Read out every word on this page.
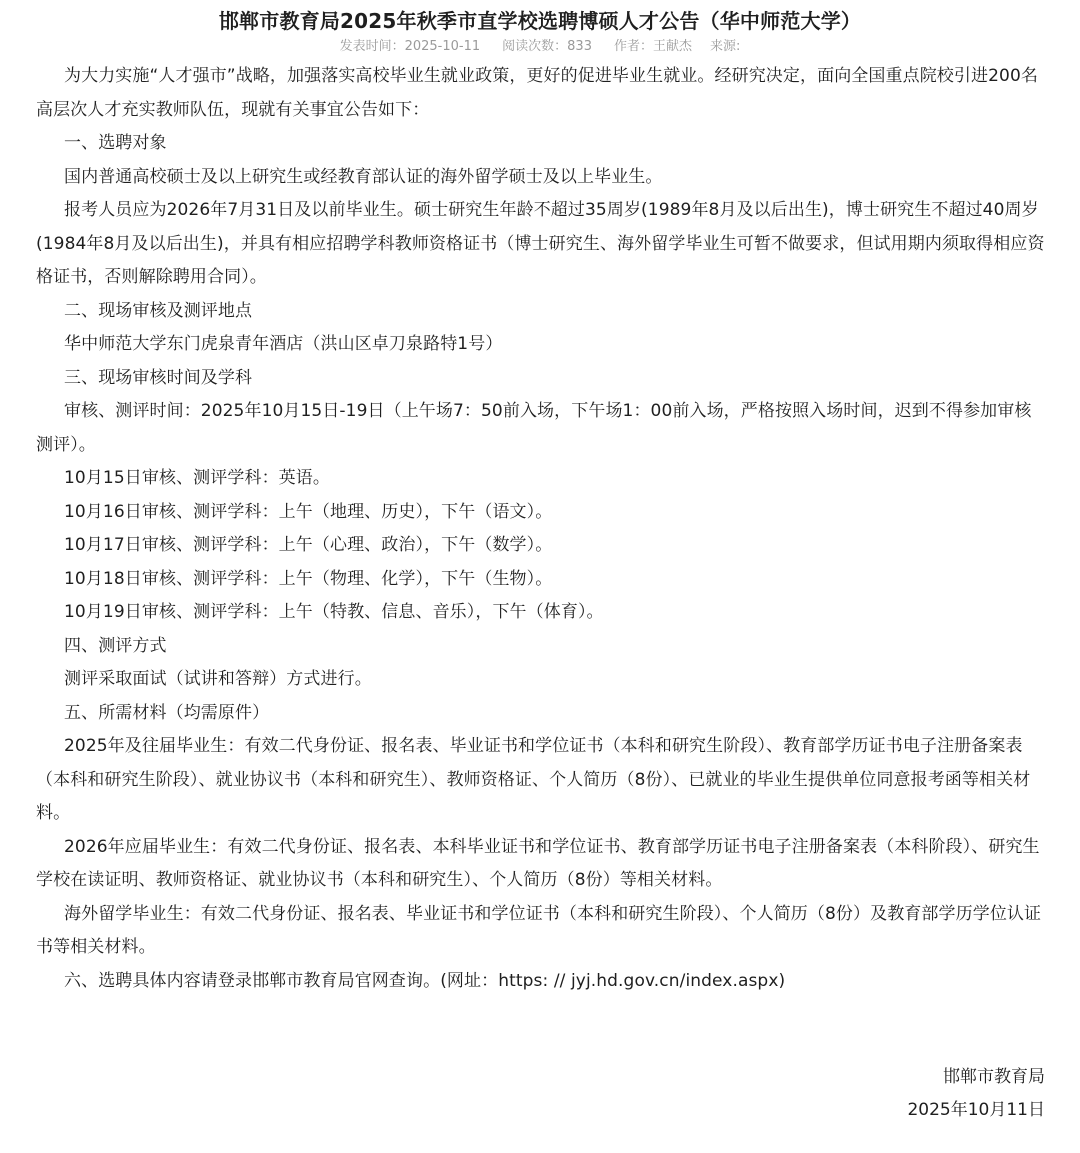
邯郸市教育局2025年秋季市直学校选聘博硕人才公告（华中师范大学）
发表时间：2025-10-11 阅读次数：833 作者：王献杰 来源:

为大力实施“人才强市”战略，加强落实高校毕业生就业政策，更好的促进毕业生就业。经研究决定，面向全国重点院校引进200名高层次人才充实教师队伍，现就有关事宜公告如下：

一、选聘对象

国内普通高校硕士及以上研究生或经教育部认证的海外留学硕士及以上毕业生。

报考人员应为2026年7月31日及以前毕业生。硕士研究生年龄不超过35周岁(1989年8月及以后出生)，博士研究生不超过40周岁(1984年8月及以后出生)，并具有相应招聘学科教师资格证书（博士研究生、海外留学毕业生可暂不做要求，但试用期内须取得相应资格证书，否则解除聘用合同）。

二、现场审核及测评地点

华中师范大学东门虎泉青年酒店（洪山区卓刀泉路特1号）

三、现场审核时间及学科

审核、测评时间：2025年10月15日-19日（上午场7：50前入场，下午场1：00前入场，严格按照入场时间，迟到不得参加审核测评）。

10月15日审核、测评学科：英语。

10月16日审核、测评学科：上午（地理、历史），下午（语文）。

10月17日审核、测评学科：上午（心理、政治），下午（数学）。

10月18日审核、测评学科：上午（物理、化学），下午（生物）。

10月19日审核、测评学科：上午（特教、信息、音乐），下午（体育）。

四、测评方式

测评采取面试（试讲和答辩）方式进行。

五、所需材料（均需原件）

2025年及往届毕业生：有效二代身份证、报名表、毕业证书和学位证书（本科和研究生阶段）、教育部学历证书电子注册备案表（本科和研究生阶段）、就业协议书（本科和研究生）、教师资格证、个人简历（8份）、已就业的毕业生提供单位同意报考函等相关材料。

2026年应届毕业生：有效二代身份证、报名表、本科毕业证书和学位证书、教育部学历证书电子注册备案表（本科阶段）、研究生学校在读证明、教师资格证、就业协议书（本科和研究生）、个人简历（8份）等相关材料。

海外留学毕业生：有效二代身份证、报名表、毕业证书和学位证书（本科和研究生阶段）、个人简历（8份）及教育部学历学位认证书等相关材料。

六、选聘具体内容请登录邯郸市教育局官网查询。(网址：https: // jyj.hd.gov.cn/index.aspx)

邯郸市教育局
2025年10月11日
